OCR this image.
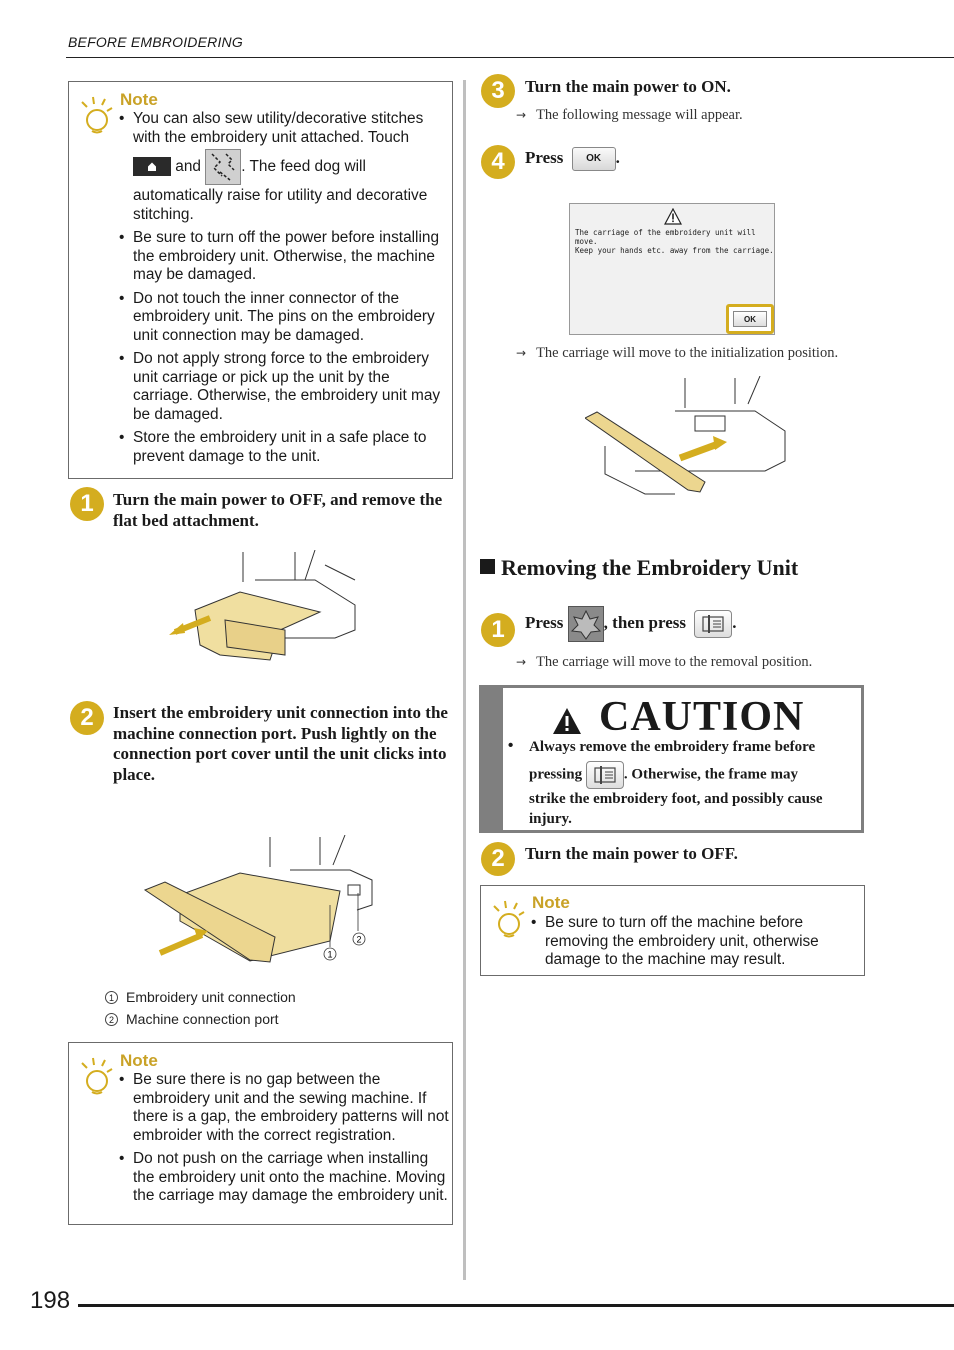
BEFORE EMBROIDERING
Note
• You can also sew utility/decorative stitches with the embroidery unit attached. Touch
and	. The feed dog will automatically raise for utility and decorative stitching.
• Be sure to turn off the power before installing the embroidery unit. Otherwise, the machine may be damaged.
• Do not touch the inner connector of the embroidery unit. The pins on the embroidery unit connection may be damaged.
• Do not apply strong force to the embroidery unit carriage or pick up the unit by the carriage. Otherwise, the embroidery unit may be damaged.
• Store the embroidery unit in a safe place to prevent damage to the unit.
1	Turn the main power to OFF, and remove the flat bed attachment.
2	Insert the embroidery unit connection into the machine connection port. Push lightly on the connection port cover until the unit clicks into place.
1
2
1 Embroidery unit connection
2 Machine connection port
Note
• Be sure there is no gap between the embroidery unit and the sewing machine. If there is a gap, the embroidery patterns will not embroider with the correct registration.
• Do not push on the carriage when installing the embroidery unit onto the machine. Moving the carriage may damage the embroidery unit.
3	Turn the main power to ON.
→ The following message will appear.
4	Press OK .
The carriage of the embroidery unit will move.
Keep your hands etc. away from the carriage.
OK
→ The carriage will move to the initialization position.
Removing the Embroidery Unit
1	Press , then press	.
→ The carriage will move to the removal position.
CAUTION
• Always remove the embroidery frame before
pressing	. Otherwise, the frame may
strike the embroidery foot, and possibly cause injury.
2	Turn the main power to OFF.
Note
• Be sure to turn off the machine before removing the embroidery unit, otherwise damage to the machine may result.
198
